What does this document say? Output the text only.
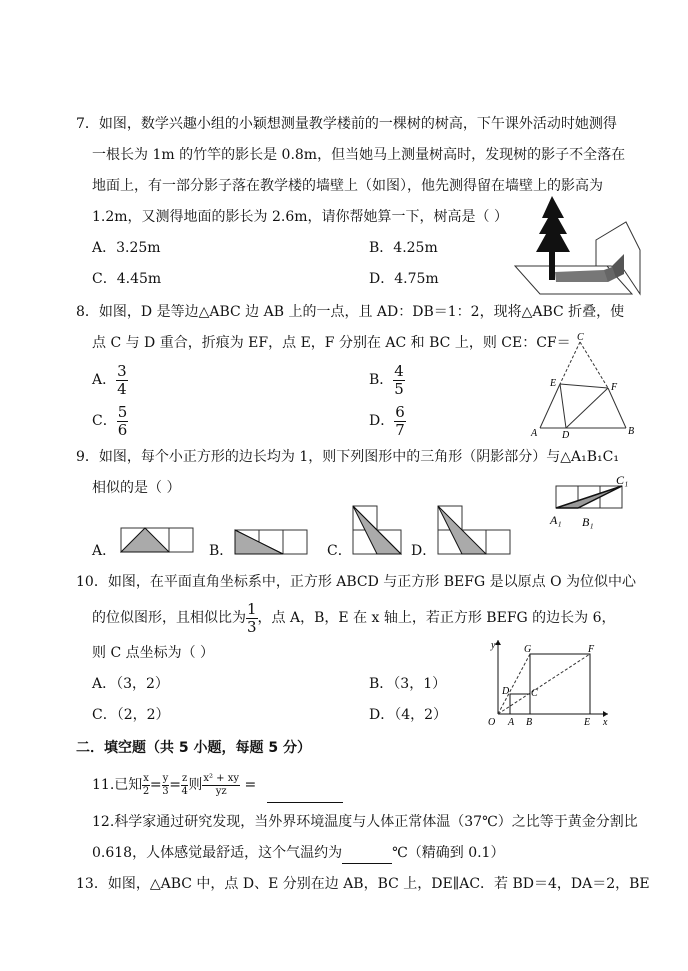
7．如图，数学兴趣小组的小颖想测量教学楼前的一棵树的树高，下午课外活动时她测得
一根长为 1m 的竹竿的影长是 0.8m，但当她马上测量树高时，发现树的影子不全落在
地面上，有一部分影子落在教学楼的墙壁上（如图），他先测得留在墙壁上的影高为
1.2m，又测得地面的影长为 2.6m，请你帮她算一下，树高是（ ）
A．3.25m	B．4.25m
C．4.45m	D．4.75m
8．如图，D 是等边△ABC 边 AB 上的一点，且 AD：DB＝1：2，现将△ABC 折叠，使
点 C 与 D 重合，折痕为 EF，点 E，F 分别在 AC 和 BC 上，则 CE：CF＝
A． $\frac{3}{4}$	B． $\frac{4}{5}$
C． $\frac{5}{6}$	D． $\frac{6}{7}$
C
E	F
A D	B
9．如图，每个小正方形的边长均为 1，则下列图形中的三角形（阴影部分）与△A₁B₁C₁
相似的是（ ）	C₁
A₁ B₁
A．	B．	C．	D．
10．如图，在平面直角坐标系中，正方形 ABCD 与正方形 BEFG 是以原点 O 为位似中心
的位似图形，且相似比为 $\frac{1}{3}$ ，点 A，B，E 在 x 轴上，若正方形 BEFG 的边长为 6，
则 C 点坐标为（ ）
A．（3，2）	B．（3，1）
C．（2，2）	D．（4，2）
y
x
G	F
D C
O A B	E
二．填空题（共 5 小题，每题 5 分）
11.已知 $\frac{x}{2} = \frac{y}{3} = \frac{z}{4}$ 则 $\frac{\text{x² + xy}}{yz}$ =
12.科学家通过研究发现，当外界环境温度与人体正常体温（37℃）之比等于黄金分割比
0.618，人体感觉最舒适，这个气温约为	℃（精确到 0.1）
13．如图，△ABC 中，点 D、E 分别在边 AB，BC 上，DE∥AC．若 BD＝4，DA＝2，BE
